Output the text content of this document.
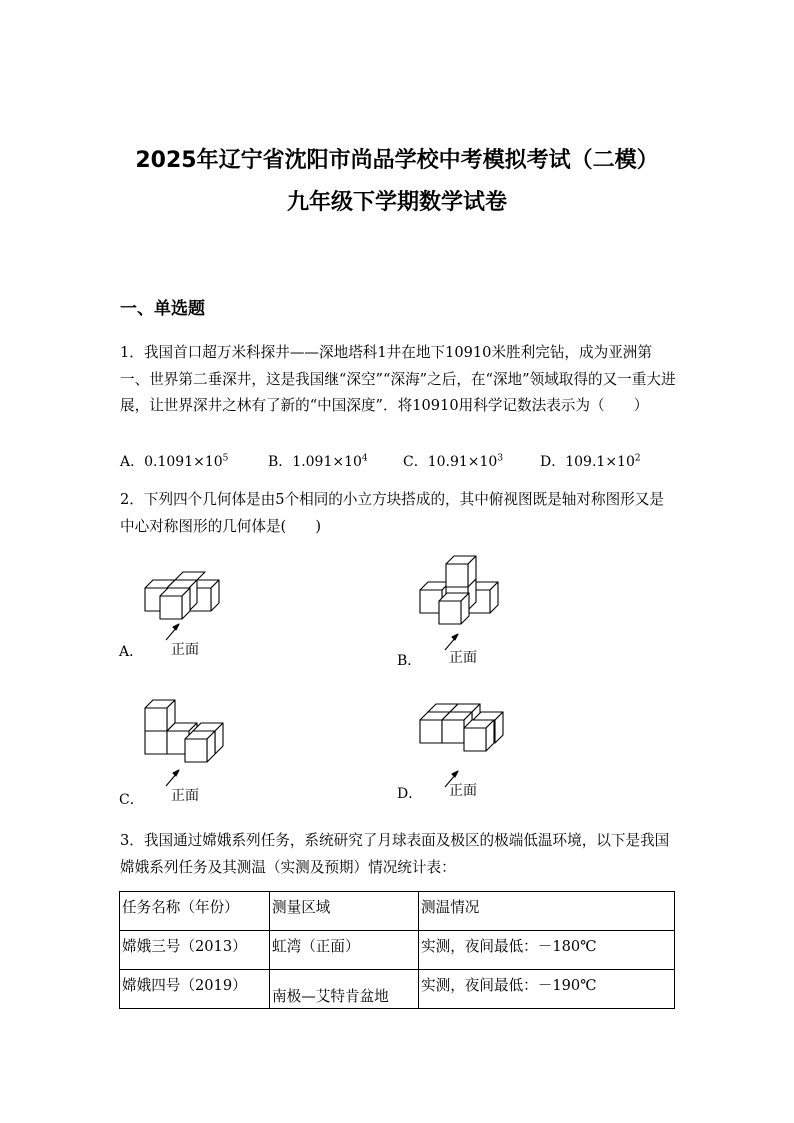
2025年辽宁省沈阳市尚品学校中考模拟考试（二模）
九年级下学期数学试卷
一、单选题

1．我国首口超万米科探井——深地塔科1井在地下10910米胜利完钻，成为亚洲第一、世界第二垂深井，这是我国继“深空”“深海”之后，在“深地”领域取得的又一重大进展，让世界深井之林有了新的“中国深度”．将10910用科学记数法表示为（　　）

A．$0.1091\times 10^5$	B．$1.091\times 10^4$	C．$10.91\times 10^3$	D．$109.1\times 10^2$

2．下列四个几何体是由5个相同的小立方块搭成的，其中俯视图既是轴对称图形又是中心对称图形的几何体是(　　)

A． 正面
B． 正面
C． 正面	D． 正面

3．我国通过嫦娥系列任务，系统研究了月球表面及极区的极端低温环境，以下是我国嫦娥系列任务及其测温（实测及预期）情况统计表：

任务名称（年份）	测量区域	测温情况
嫦娥三号（2013）	虹湾（正面）	实测，夜间最低：－180℃
嫦娥四号（2019）	南极—艾特肯盆地	实测，夜间最低：－190℃
